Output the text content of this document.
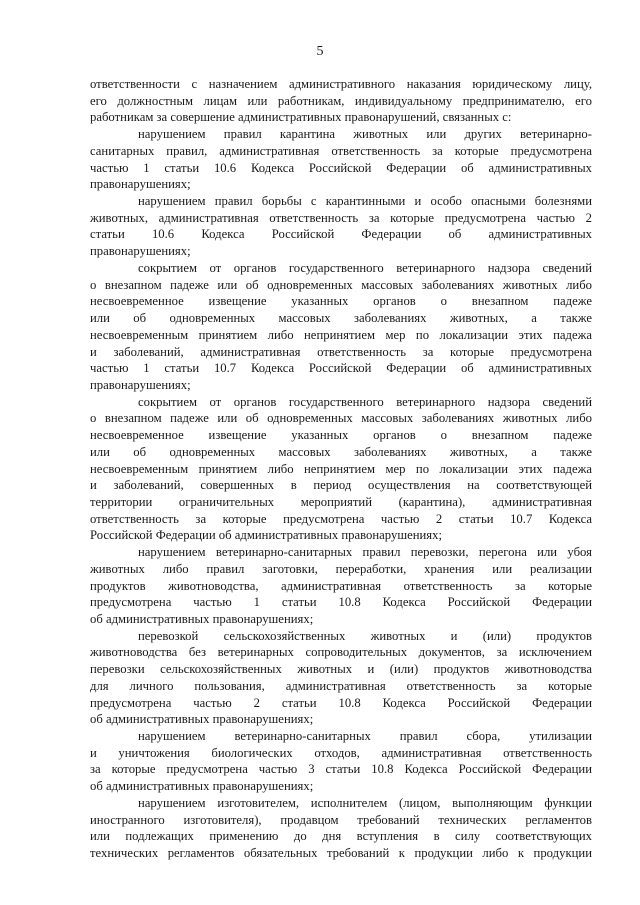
5
ответственности с назначением административного наказания юридическому лицу,
его должностным лицам или работникам, индивидуальному предпринимателю, его
работникам за совершение административных правонарушений, связанных с:
нарушением правил карантина животных или других ветеринарно-
санитарных правил, административная ответственность за которые предусмотрена
частью 1 статьи 10.6 Кодекса Российской Федерации об административных
правонарушениях;
нарушением правил борьбы с карантинными и особо опасными болезнями
животных, административная ответственность за которые предусмотрена частью 2
статьи 10.6 Кодекса Российской Федерации об административных
правонарушениях;
сокрытием от органов государственного ветеринарного надзора сведений
о внезапном падеже или об одновременных массовых заболеваниях животных либо
несвоевременное извещение указанных органов о внезапном падеже
или об одновременных массовых заболеваниях животных, а также
несвоевременным принятием либо непринятием мер по локализации этих падежа
и заболеваний, административная ответственность за которые предусмотрена
частью 1 статьи 10.7 Кодекса Российской Федерации об административных
правонарушениях;
сокрытием от органов государственного ветеринарного надзора сведений
о внезапном падеже или об одновременных массовых заболеваниях животных либо
несвоевременное извещение указанных органов о внезапном падеже
или об одновременных массовых заболеваниях животных, а также
несвоевременным принятием либо непринятием мер по локализации этих падежа
и заболеваний, совершенных в период осуществления на соответствующей
территории ограничительных мероприятий (карантина), административная
ответственность за которые предусмотрена частью 2 статьи 10.7 Кодекса
Российской Федерации об административных правонарушениях;
нарушением ветеринарно-санитарных правил перевозки, перегона или убоя
животных либо правил заготовки, переработки, хранения или реализации
продуктов животноводства, административная ответственность за которые
предусмотрена частью 1 статьи 10.8 Кодекса Российской Федерации
об административных правонарушениях;
перевозкой сельскохозяйственных животных и (или) продуктов
животноводства без ветеринарных сопроводительных документов, за исключением
перевозки сельскохозяйственных животных и (или) продуктов животноводства
для личного пользования, административная ответственность за которые
предусмотрена частью 2 статьи 10.8 Кодекса Российской Федерации
об административных правонарушениях;
нарушением ветеринарно-санитарных правил сбора, утилизации
и уничтожения биологических отходов, административная ответственность
за которые предусмотрена частью 3 статьи 10.8 Кодекса Российской Федерации
об административных правонарушениях;
нарушением изготовителем, исполнителем (лицом, выполняющим функции
иностранного изготовителя), продавцом требований технических регламентов
или подлежащих применению до дня вступления в силу соответствующих
технических регламентов обязательных требований к продукции либо к продукции
